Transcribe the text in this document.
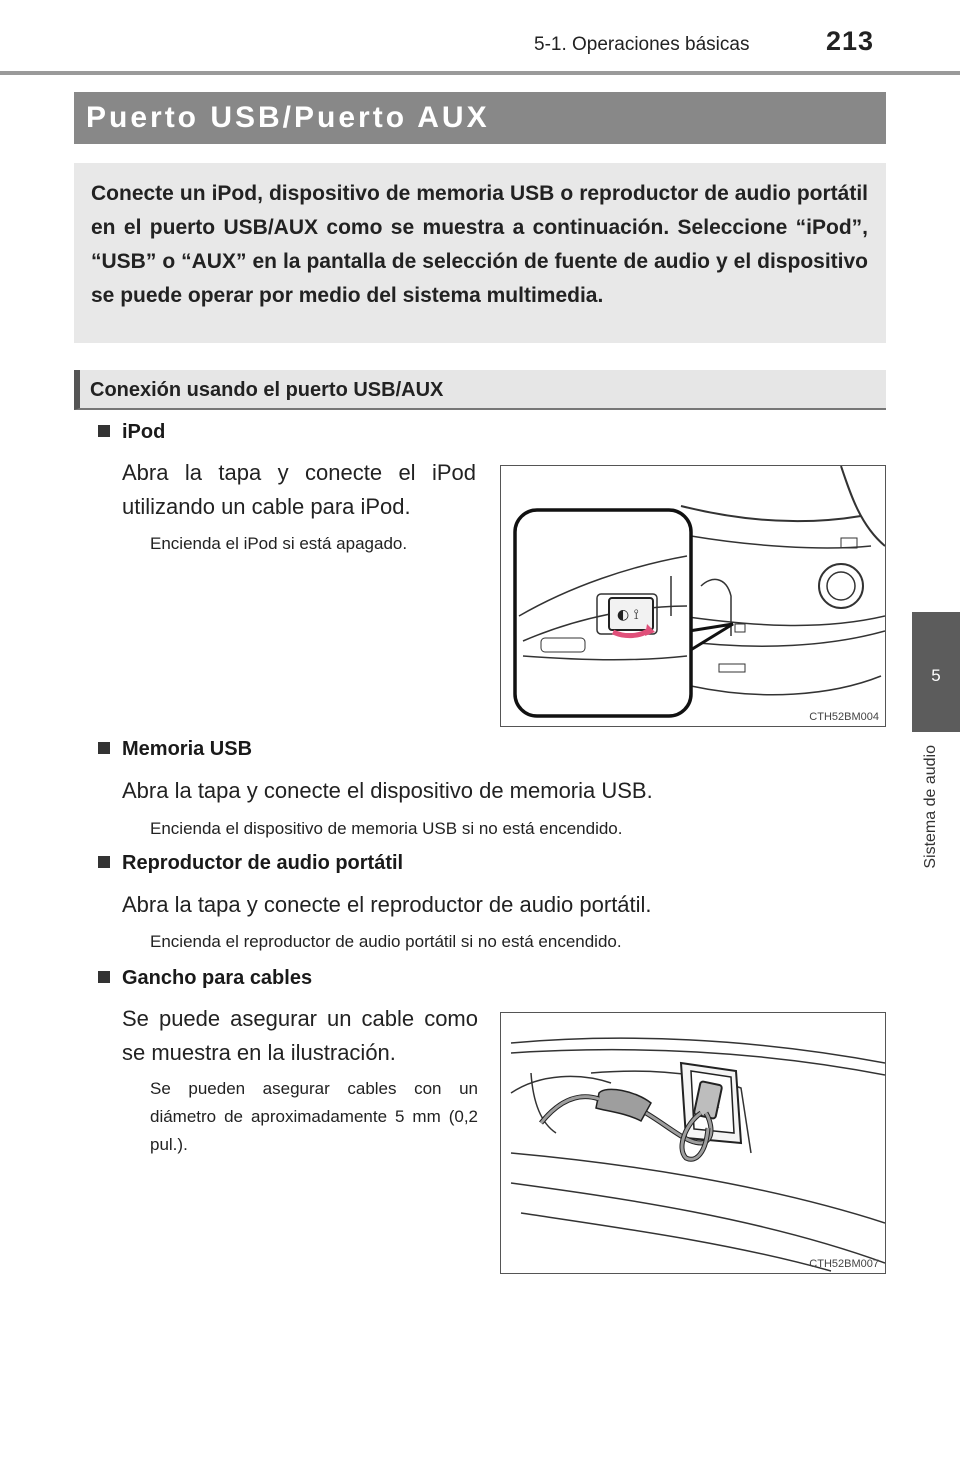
5-1. Operaciones básicas	213
5
Sistema de audio
Puerto USB/Puerto AUX

Conecte un iPod, dispositivo de memoria USB o reproductor de audio portátil en el puerto USB/AUX como se muestra a continuación. Seleccione “iPod”, “USB” o “AUX” en la pantalla de selección de fuente de audio y el dispositivo se puede operar por medio del sistema multimedia.

Conexión usando el puerto USB/AUX
iPod
Abra la tapa y conecte el iPod utilizando un cable para iPod.
Encienda el iPod si está apagado.
◐ ⟟
CTH52BM004
Memoria USB
Abra la tapa y conecte el dispositivo de memoria USB.
Encienda el dispositivo de memoria USB si no está encendido.
Reproductor de audio portátil
Abra la tapa y conecte el reproductor de audio portátil.
Encienda el reproductor de audio portátil si no está encendido.
Gancho para cables
Se puede asegurar un cable como se muestra en la ilustración.
Se pueden asegurar cables con un diámetro de aproximadamente 5 mm (0,2 pul.).
CTH52BM007
